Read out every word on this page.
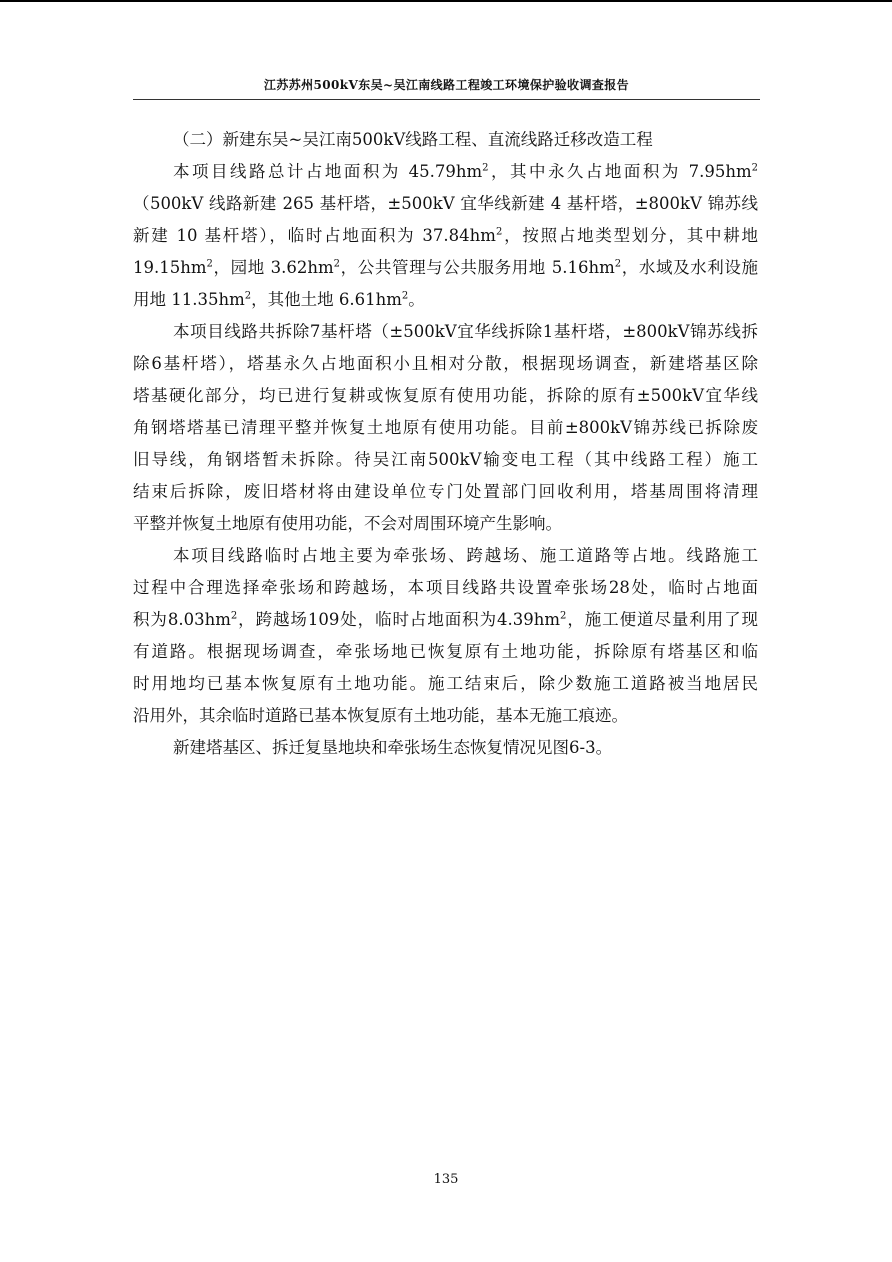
江苏苏州500kV东吴~吴江南线路工程竣工环境保护验收调查报告

（二）新建东吴~吴江南500kV线路工程、直流线路迁移改造工程

本项目线路总计占地面积为 $45.79hm^2$，其中永久占地面积为 $7.95hm^2$
（500kV 线路新建 265 基杆塔，±500kV 宜华线新建 4 基杆塔，±800kV 锦苏线
新建 10 基杆塔），临时占地面积为 $37.84hm^2$，按照占地类型划分，其中耕地
$19.15hm^2$，园地 $3.62hm^2$，公共管理与公共服务用地 $5.16hm^2$，水域及水利设施
用地 $11.35hm^2$，其他土地 $6.61hm^2$。

本项目线路共拆除7基杆塔（±500kV宜华线拆除1基杆塔，±800kV锦苏线拆
除6基杆塔），塔基永久占地面积小且相对分散，根据现场调查，新建塔基区除
塔基硬化部分，均已进行复耕或恢复原有使用功能，拆除的原有±500kV宜华线
角钢塔塔基已清理平整并恢复土地原有使用功能。目前±800kV锦苏线已拆除废
旧导线，角钢塔暂未拆除。待吴江南500kV输变电工程（其中线路工程）施工
结束后拆除，废旧塔材将由建设单位专门处置部门回收利用，塔基周围将清理
平整并恢复土地原有使用功能，不会对周围环境产生影响。

本项目线路临时占地主要为牵张场、跨越场、施工道路等占地。线路施工
过程中合理选择牵张场和跨越场，本项目线路共设置牵张场28处，临时占地面
积为$8.03hm^2$，跨越场109处，临时占地面积为$4.39hm^2$，施工便道尽量利用了现
有道路。根据现场调查，牵张场地已恢复原有土地功能，拆除原有塔基区和临
时用地均已基本恢复原有土地功能。施工结束后，除少数施工道路被当地居民
沿用外，其余临时道路已基本恢复原有土地功能，基本无施工痕迹。

新建塔基区、拆迁复垦地块和牵张场生态恢复情况见图6-3。

135
